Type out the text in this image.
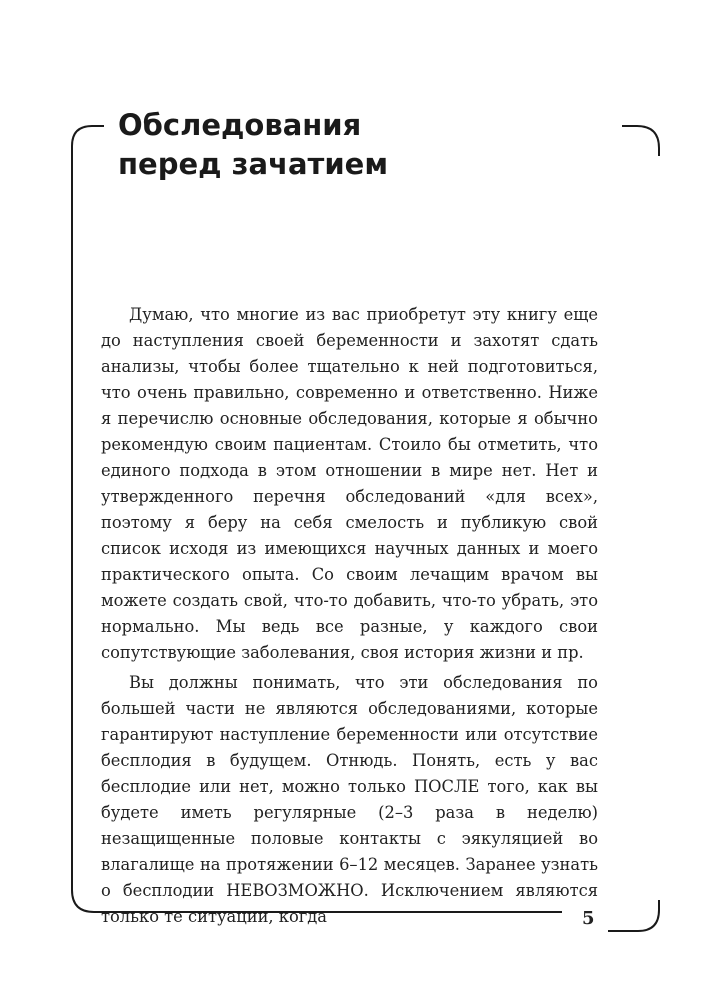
Обследования
перед зачатием

Думаю, что многие из вас приобретут эту книгу еще до наступления своей беременности и захотят сдать анализы, чтобы более тщательно к ней подготовиться, что очень правильно, современно и ответственно. Ниже я перечислю основные обследования, которые я обычно рекомендую своим пациентам. Стоило бы отметить, что единого подхода в этом отношении в мире нет. Нет и утвержденного перечня обследований «для всех», поэтому я беру на себя смелость и публикую свой список исходя из имеющихся научных данных и моего практического опыта. Со своим лечащим врачом вы можете создать свой, что-то добавить, что-то убрать, это нормально. Мы ведь все разные, у каждого свои сопутствующие заболевания, своя история жизни и пр.

Вы должны понимать, что эти обследования по большей части не являются обследованиями, которые гарантируют наступление беременности или отсутствие бесплодия в будущем. Отнюдь. Понять, есть у вас бесплодие или нет, можно только ПОСЛЕ того, как вы будете иметь регулярные (2–3 раза в неделю) незащищенные половые контакты с эякуляцией во влагалище на протяжении 6–12 месяцев. Заранее узнать о бесплодии НЕВОЗМОЖНО. Исключением являются только те ситуации, когда	5
